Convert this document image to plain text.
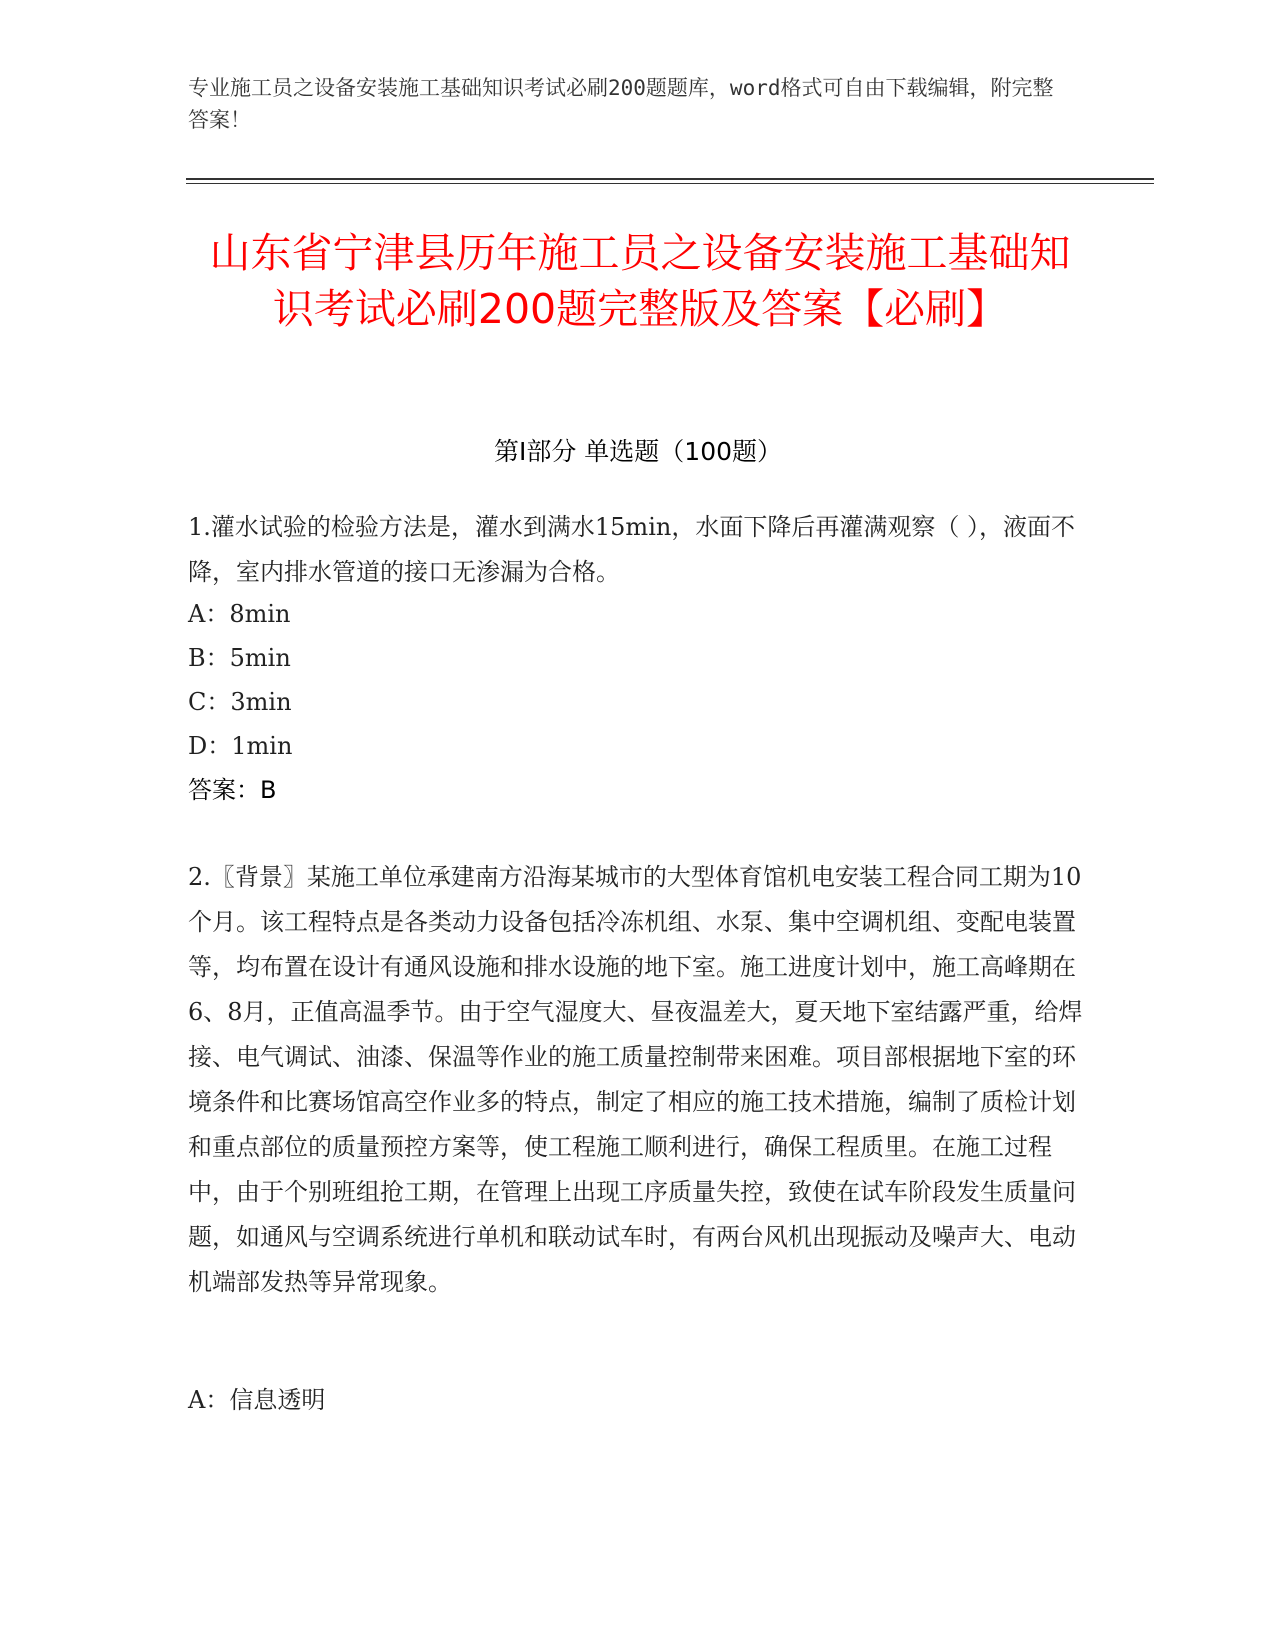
专业施工员之设备安装施工基础知识考试必刷200题题库，word格式可自由下载编辑，附完整答案！
山东省宁津县历年施工员之设备安装施工基础知识考试必刷200题完整版及答案【必刷】
第I部分 单选题（100题）

1.灌水试验的检验方法是，灌水到满水15min，水面下降后再灌满观察（ ），液面不降，室内排水管道的接口无渗漏为合格。

A：8min
B：5min
C：3min
D：1min
答案：B

2.〖背景〗某施工单位承建南方沿海某城市的大型体育馆机电安装工程合同工期为10个月。该工程特点是各类动力设备包括冷冻机组、水泵、集中空调机组、变配电装置等，均布置在设计有通风设施和排水设施的地下室。施工进度计划中，施工高峰期在6、8月，正值高温季节。由于空气湿度大、昼夜温差大，夏天地下室结露严重，给焊接、电气调试、油漆、保温等作业的施工质量控制带来困难。项目部根据地下室的环境条件和比赛场馆高空作业多的特点，制定了相应的施工技术措施，编制了质检计划和重点部位的质量预控方案等，使工程施工顺利进行，确保工程质里。在施工过程中，由于个别班组抢工期，在管理上出现工序质量失控，致使在试车阶段发生质量问题，如通风与空调系统进行单机和联动试车时，有两台风机出现振动及噪声大、电动机端部发热等异常现象。

A：信息透明
